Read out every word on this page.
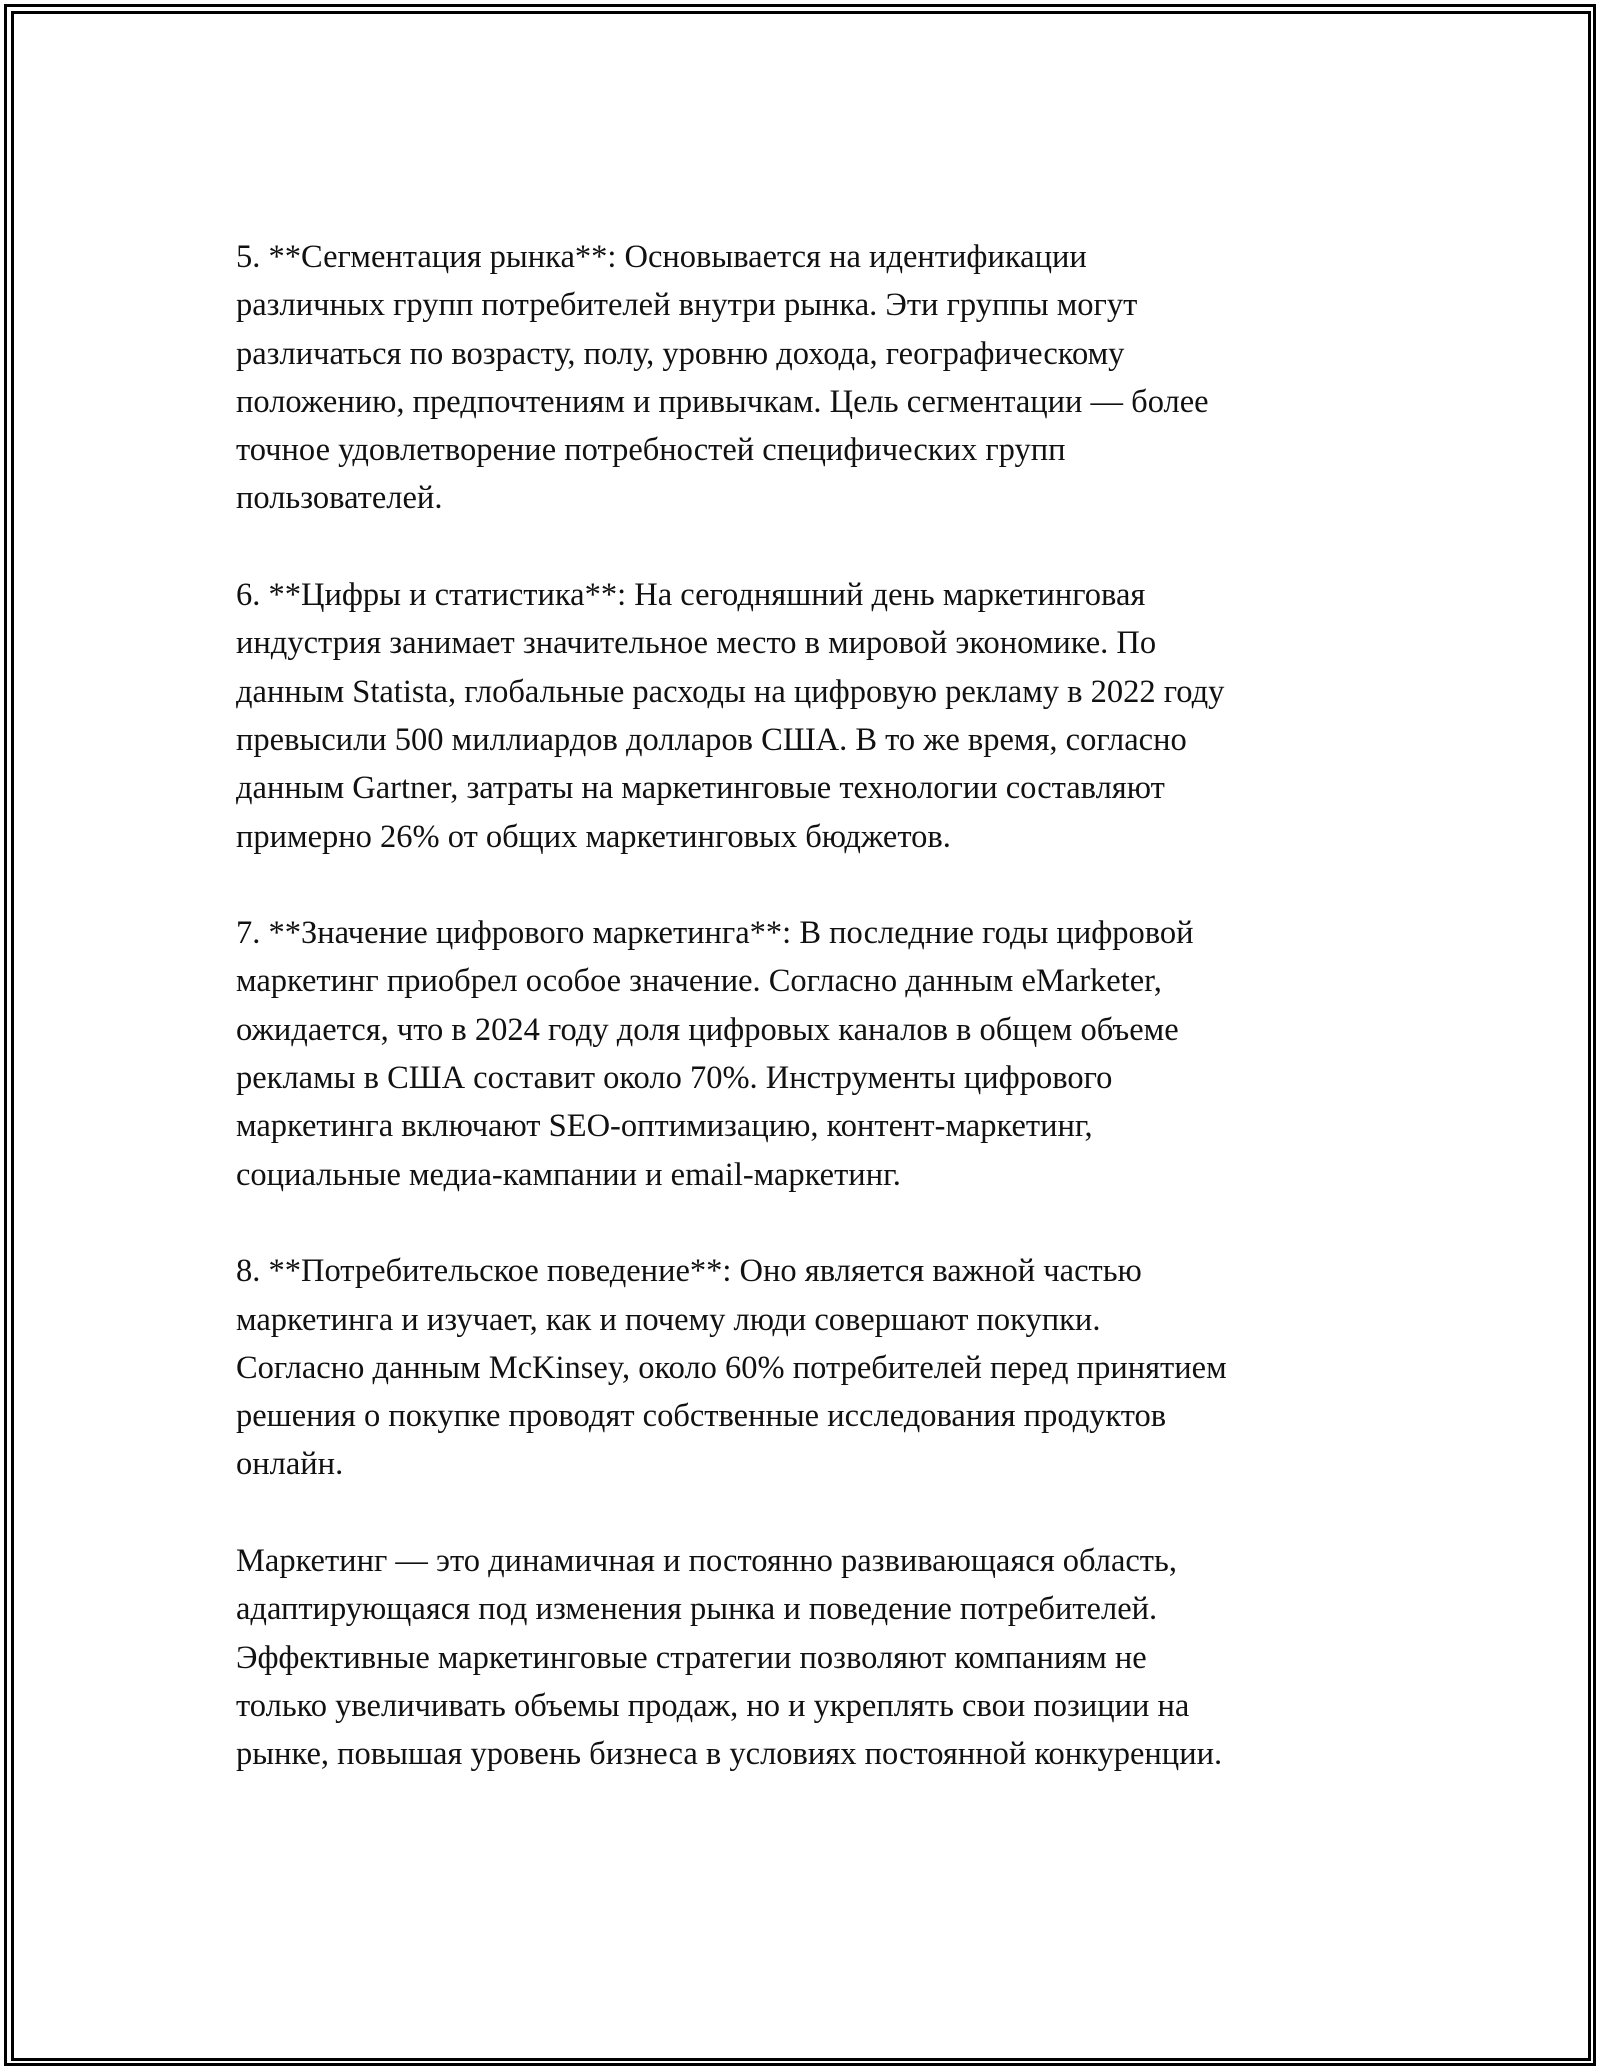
5. **Сегментация рынка**: Основывается на идентификации
различных групп потребителей внутри рынка. Эти группы могут
различаться по возрасту, полу, уровню дохода, географическому
положению, предпочтениям и привычкам. Цель сегментации — более
точное удовлетворение потребностей специфических групп
пользователей.
6. **Цифры и статистика**: На сегодняшний день маркетинговая
индустрия занимает значительное место в мировой экономике. По
данным Statista, глобальные расходы на цифровую рекламу в 2022 году
превысили 500 миллиардов долларов США. В то же время, согласно
данным Gartner, затраты на маркетинговые технологии составляют
примерно 26% от общих маркетинговых бюджетов.
7. **Значение цифрового маркетинга**: В последние годы цифровой
маркетинг приобрел особое значение. Согласно данным eMarketer,
ожидается, что в 2024 году доля цифровых каналов в общем объеме
рекламы в США составит около 70%. Инструменты цифрового
маркетинга включают SEO-оптимизацию, контент-маркетинг,
социальные медиа-кампании и email-маркетинг.
8. **Потребительское поведение**: Оно является важной частью
маркетинга и изучает, как и почему люди совершают покупки.
Согласно данным McKinsey, около 60% потребителей перед принятием
решения о покупке проводят собственные исследования продуктов
онлайн.
Маркетинг — это динамичная и постоянно развивающаяся область,
адаптирующаяся под изменения рынка и поведение потребителей.
Эффективные маркетинговые стратегии позволяют компаниям не
только увеличивать объемы продаж, но и укреплять свои позиции на
рынке, повышая уровень бизнеса в условиях постоянной конкуренции.
